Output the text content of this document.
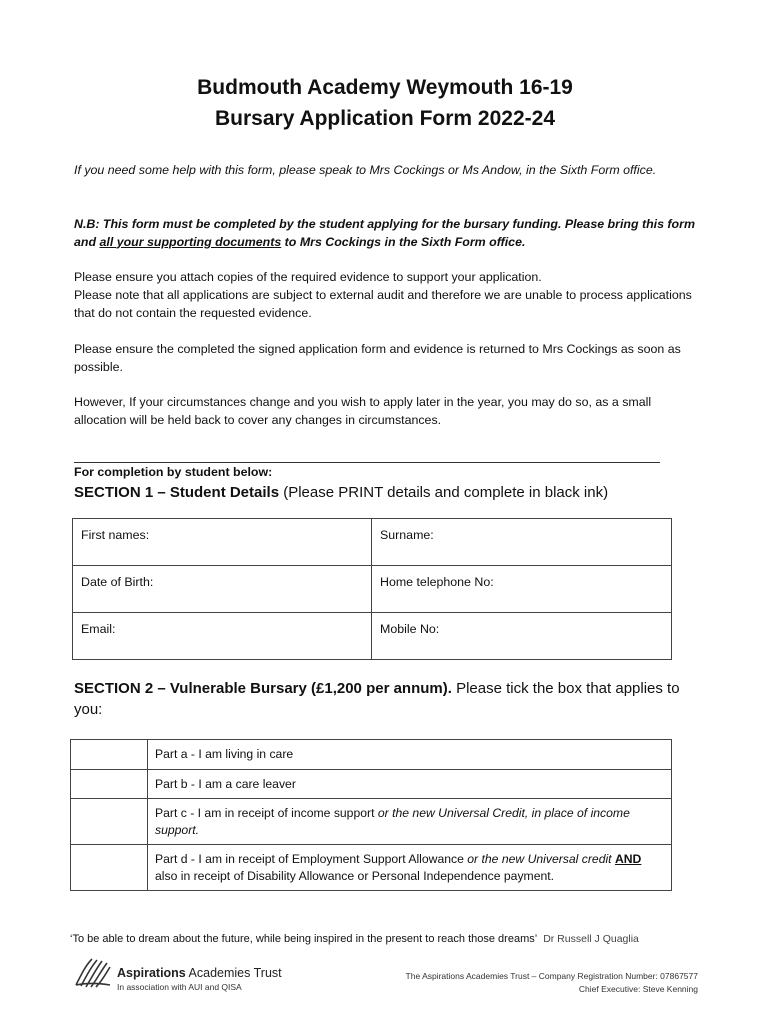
Budmouth Academy Weymouth 16-19
Bursary Application Form 2022-24

If you need some help with this form, please speak to Mrs Cockings or Ms Andow, in the Sixth Form office.

N.B: This form must be completed by the student applying for the bursary funding. Please bring this form and all your supporting documents to Mrs Cockings in the Sixth Form office.

Please ensure you attach copies of the required evidence to support your application.

Please note that all applications are subject to external audit and therefore we are unable to process applications that do not contain the requested evidence.

Please ensure the completed the signed application form and evidence is returned to Mrs Cockings as soon as possible.

However, If your circumstances change and you wish to apply later in the year, you may do so, as a small allocation will be held back to cover any changes in circumstances.

For completion by student below:
SECTION 1 – Student Details (Please PRINT details and complete in black ink)
First names:	Surname:
Date of Birth:	Home telephone No:
Email:	Mobile No:
SECTION 2 – Vulnerable Bursary (£1,200 per annum). Please tick the box that applies to you:
	Part a - I am living in care
	Part b - I am a care leaver
	Part c - I am in receipt of income support or the new Universal Credit, in place of income support.
	Part d - I am in receipt of Employment Support Allowance or the new Universal credit AND also in receipt of Disability Allowance or Personal Independence payment.
‘To be able to dream about the future, while being inspired in the present to reach those dreams’ Dr Russell J Quaglia
Aspirations Academies Trust
In association with AUI and QISA
The Aspirations Academies Trust – Company Registration Number: 07867577
Chief Executive: Steve Kenning
